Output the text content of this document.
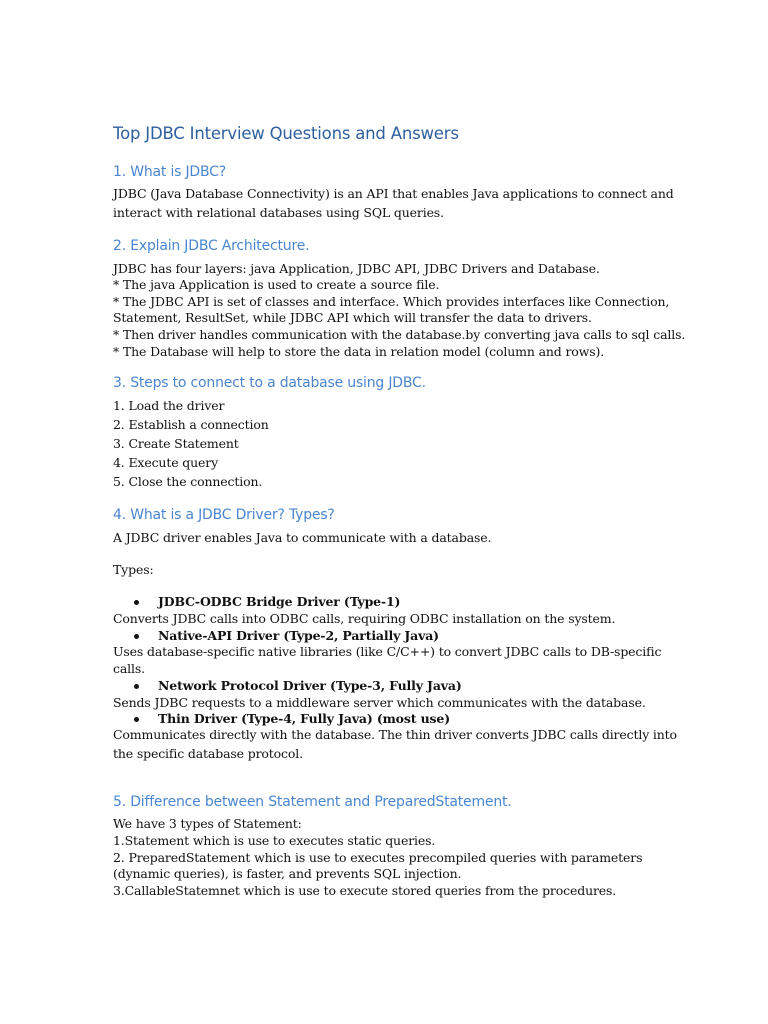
Top JDBC Interview Questions and Answers
1. What is JDBC?
JDBC (Java Database Connectivity) is an API that enables Java applications to connect and
interact with relational databases using SQL queries.
2. Explain JDBC Architecture.
JDBC has four layers: java Application, JDBC API, JDBC Drivers and Database.
* The java Application is used to create a source file.
* The JDBC API is set of classes and interface. Which provides interfaces like Connection,
Statement, ResultSet, while JDBC API which will transfer the data to drivers.
* Then driver handles communication with the database.by converting java calls to sql calls.
* The Database will help to store the data in relation model (column and rows).
3. Steps to connect to a database using JDBC.
1. Load the driver
2. Establish a connection
3. Create Statement
4. Execute query
5. Close the connection.
4. What is a JDBC Driver? Types?
A JDBC driver enables Java to communicate with a database.
Types:
JDBC-ODBC Bridge Driver (Type-1)
Converts JDBC calls into ODBC calls, requiring ODBC installation on the system.
Native-API Driver (Type-2, Partially Java)
Uses database-specific native libraries (like C/C++) to convert JDBC calls to DB-specific
calls.
Network Protocol Driver (Type-3, Fully Java)
Sends JDBC requests to a middleware server which communicates with the database.
Thin Driver (Type-4, Fully Java) (most use)
Communicates directly with the database. The thin driver converts JDBC calls directly into
the specific database protocol.
5. Difference between Statement and PreparedStatement.
We have 3 types of Statement:
1.Statement which is use to executes static queries.
2. PreparedStatement which is use to executes precompiled queries with parameters
(dynamic queries), is faster, and prevents SQL injection.
3.CallableStatemnet which is use to execute stored queries from the procedures.
